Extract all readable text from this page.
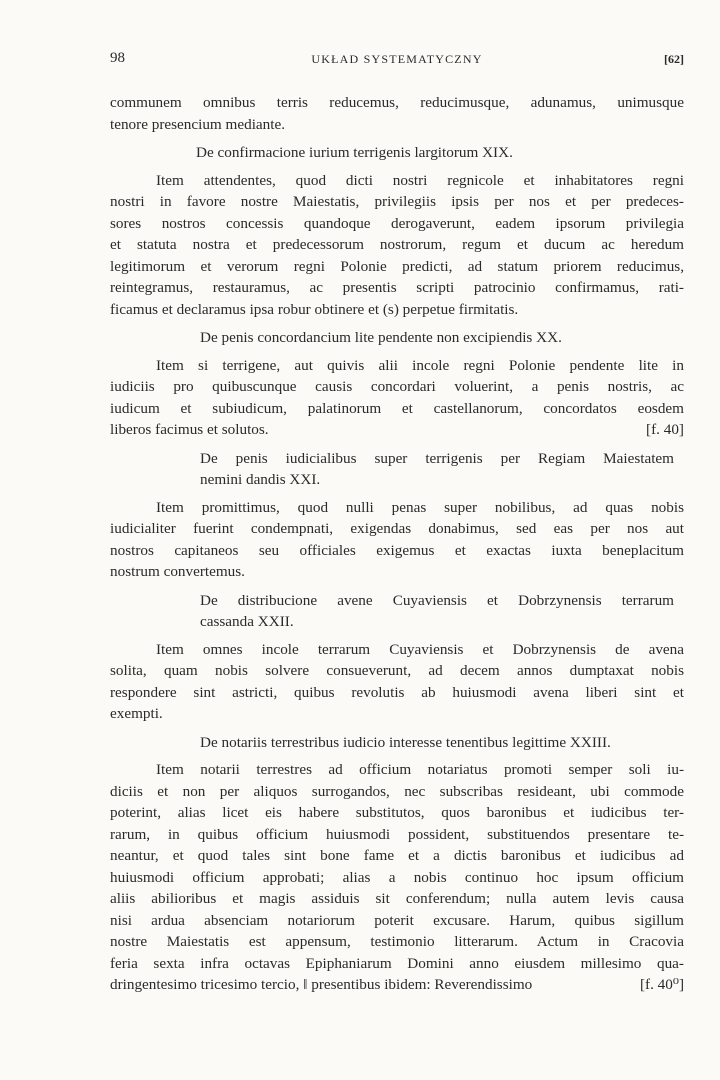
98	UKŁAD SYSTEMATYCZNY	[62]

communem omnibus terris reducemus, reducimusque, adunamus, unimusque
tenore presencium mediante.

De confirmacione iurium terrigenis largitorum XIX.

Item attendentes, quod dicti nostri regnicole et inhabitatores regni
nostri in favore nostre Maiestatis, privilegiis ipsis per nos et per predeces-
sores nostros concessis quandoque derogaverunt, eadem ipsorum privilegia
et statuta nostra et predecessorum nostrorum, regum et ducum ac heredum
legitimorum et verorum regni Polonie predicti, ad statum priorem reducimus,
reintegramus, restauramus, ac presentis scripti patrocinio confirmamus, rati-
ficamus et declaramus ipsa robur obtinere et (s) perpetue firmitatis.

De penis concordancium lite pendente non excipiendis XX.

Item si terrigene, aut quivis alii incole regni Polonie pendente lite in
iudiciis pro quibuscunque causis concordari voluerint, a penis nostris, ac
iudicum et subiudicum, palatinorum et castellanorum, concordatos eosdem
liberos facimus et solutos.	[f. 40]

De penis iudicialibus super terrigenis per Regiam Maiestatem
nemini dandis XXI.

Item promittimus, quod nulli penas super nobilibus, ad quas nobis
iudicialiter fuerint condempnati, exigendas donabimus, sed eas per nos aut
nostros capitaneos seu officiales exigemus et exactas iuxta beneplacitum
nostrum convertemus.

De distribucione avene Cuyaviensis et Dobrzynensis terrarum
cassanda XXII.

Item omnes incole terrarum Cuyaviensis et Dobrzynensis de avena
solita, quam nobis solvere consueverunt, ad decem annos dumptaxat nobis
respondere sint astricti, quibus revolutis ab huiusmodi avena liberi sint et
exempti.

De notariis terrestribus iudicio interesse tenentibus legittime XXIII.

Item notarii terrestres ad officium notariatus promoti semper soli iu-
diciis et non per aliquos surrogandos, nec subscribas resideant, ubi commode
poterint, alias licet eis habere substitutos, quos baronibus et iudicibus ter-
rarum, in quibus officium huiusmodi possident, substituendos presentare te-
neantur, et quod tales sint bone fame et a dictis baronibus et iudicibus ad
huiusmodi officium approbati; alias a nobis continuo hoc ipsum officium
aliis abilioribus et magis assiduis sit conferendum; nulla autem levis causa
nisi ardua absenciam notariorum poterit excusare. Harum, quibus sigillum
nostre Maiestatis est appensum, testimonio litterarum. Actum in Cracovia
feria sexta infra octavas Epiphaniarum Domini anno eiusdem millesimo qua-
dringentesimo tricesimo tercio, ‖ presentibus ibidem: Reverendissimo	[f. 40⁰]
